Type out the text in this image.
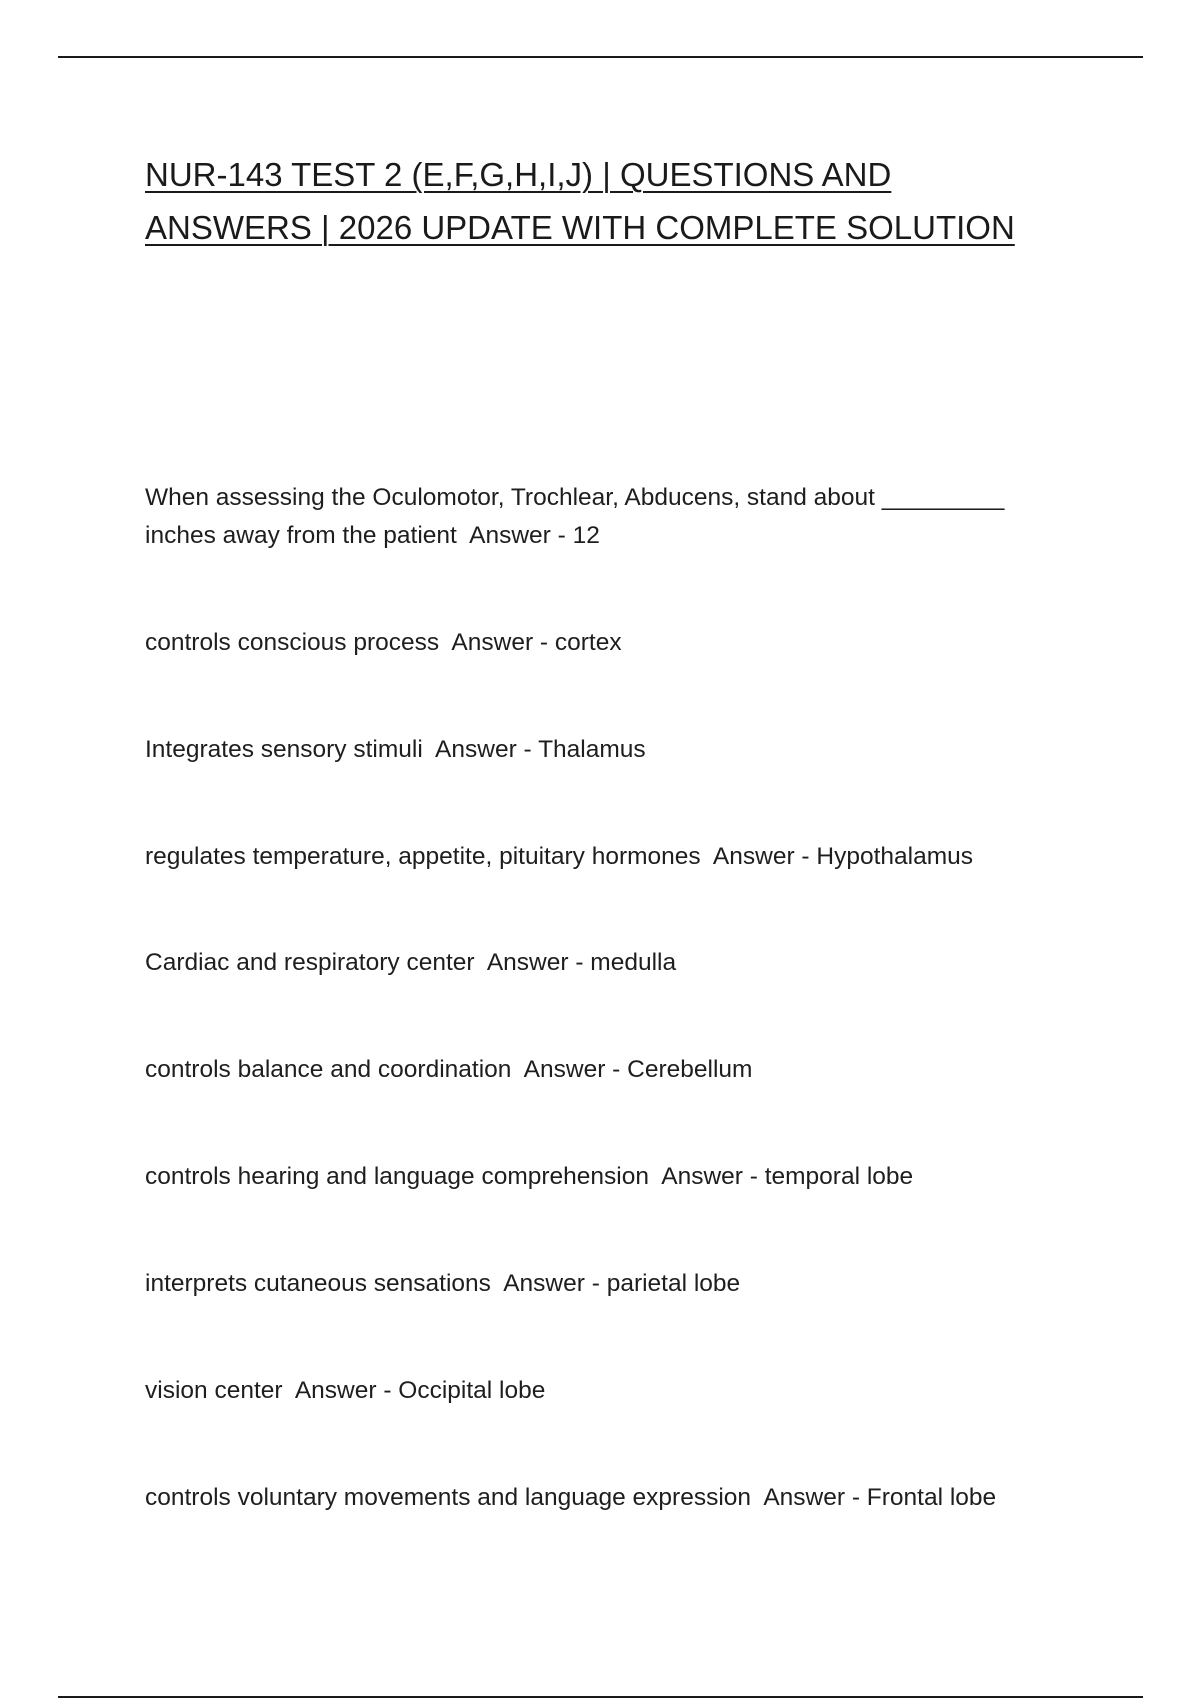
NUR-143 TEST 2 (E,F,G,H,I,J) | QUESTIONS AND
ANSWERS | 2026 UPDATE WITH COMPLETE SOLUTION

When assessing the Oculomotor, Trochlear, Abducens, stand about _________
inches away from the patient Answer - 12

controls conscious process Answer - cortex

Integrates sensory stimuli Answer - Thalamus

regulates temperature, appetite, pituitary hormones Answer - Hypothalamus

Cardiac and respiratory center Answer - medulla

controls balance and coordination Answer - Cerebellum

controls hearing and language comprehension Answer - temporal lobe

interprets cutaneous sensations Answer - parietal lobe

vision center Answer - Occipital lobe

controls voluntary movements and language expression Answer - Frontal lobe
